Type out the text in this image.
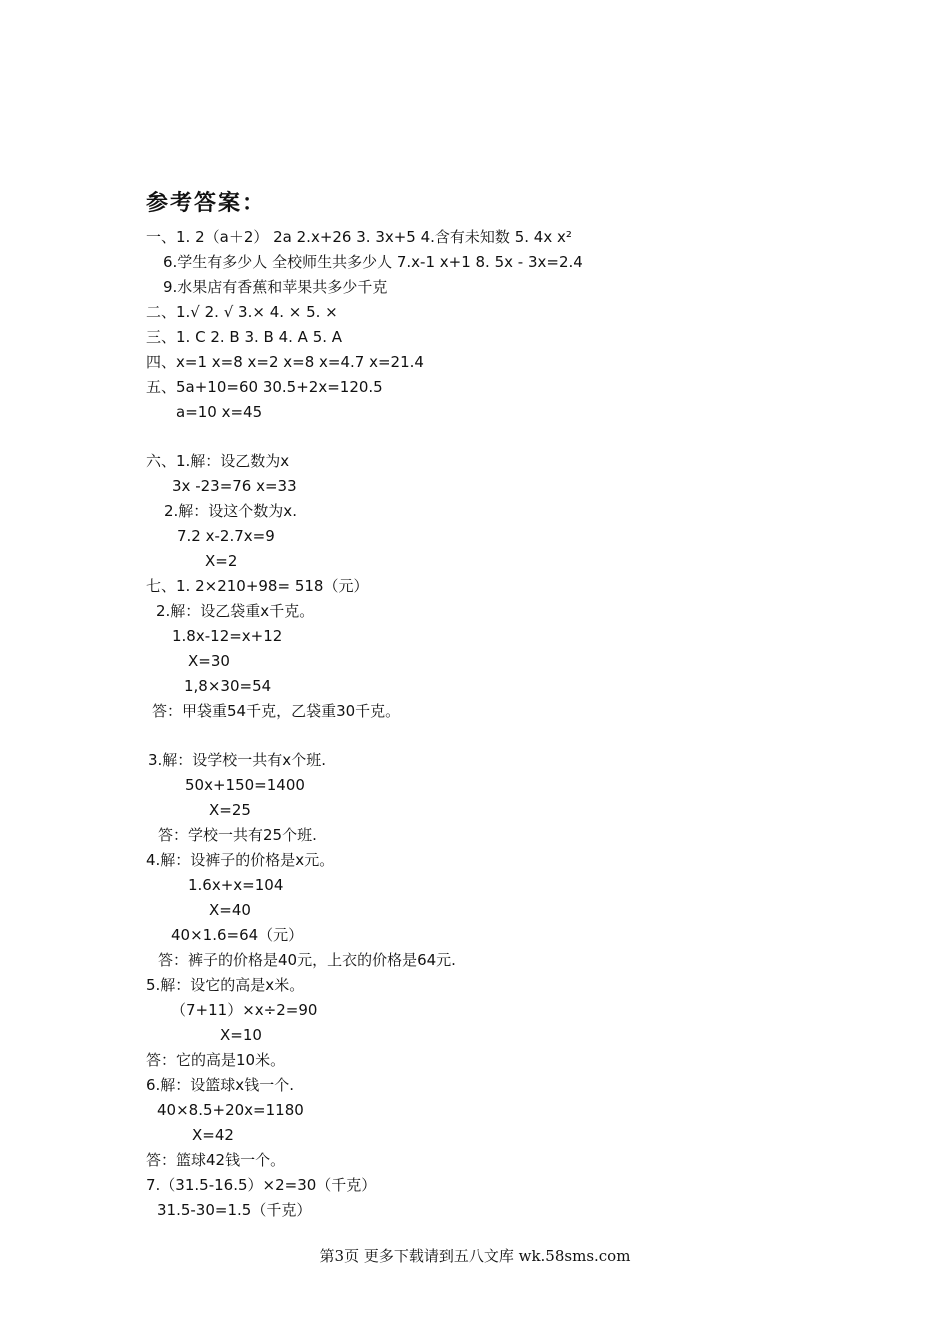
参考答案：
一、1. 2（a＋2） 2a 2.x+26 3. 3x+5 4.含有未知数 5. 4x x²
6.学生有多少人 全校师生共多少人 7.x-1 x+1 8. 5x - 3x=2.4
9.水果店有香蕉和苹果共多少千克
二、1.√ 2. √ 3.× 4. × 5. ×
三、1. C 2. B 3. B 4. A 5. A
四、x=1 x=8 x=2 x=8 x=4.7 x=21.4
五、5a+10=60 30.5+2x=120.5
a=10 x=45
六、1.解：设乙数为x
3x -23=76 x=33
2.解：设这个数为x.
7.2 x-2.7x=9
X=2
七、1. 2×210+98= 518（元）
2.解：设乙袋重x千克。
1.8x-12=x+12
X=30
1,8×30=54
答：甲袋重54千克，乙袋重30千克。
3.解：设学校一共有x个班.
50x+150=1400
X=25
答：学校一共有25个班.
4.解：设裤子的价格是x元。
1.6x+x=104
X=40
40×1.6=64（元）
答：裤子的价格是40元，上衣的价格是64元.
5.解：设它的高是x米。
（7+11）×x÷2=90
X=10
答：它的高是10米。
6.解：设篮球x钱一个.
40×8.5+20x=1180
X=42
答：篮球42钱一个。
7.（31.5-16.5）×2=30（千克）
31.5-30=1.5（千克）
第3页 更多下载请到五八文库 wk.58sms.com
